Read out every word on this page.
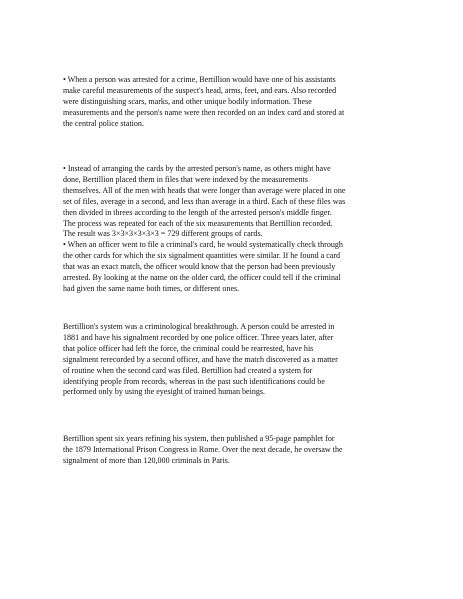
• When a person was arrested for a crime, Bertillion would have one of his assistants
make careful measurements of the suspect's head, arms, feet, and ears. Also recorded
were distinguishing scars, marks, and other unique bodily information. These
measurements and the person's name were then recorded on an index card and stored at
the central police station.
• Instead of arranging the cards by the arrested person's name, as others might have
done, Bertillion placed them in files that were indexed by the measurements
themselves. All of the men with heads that were longer than average were placed in one
set of files, average in a second, and less than average in a third. Each of these files was
then divided in threes according to the length of the arrested person's middle finger.
The process was repeated for each of the six measurements that Bertillion recorded.
The result was 3×3×3×3×3×3 = 729 different groups of cards.
• When an officer went to file a criminal's card, he would systematically check through
the other cards for which the six signalment quantities were similar. If he found a card
that was an exact match, the officer would know that the person had been previously
arrested. By looking at the name on the older card, the officer could tell if the criminal
had given the same name both times, or different ones.
Bertillion's system was a criminological breakthrough. A person could be arrested in
1881 and have his signalment recorded by one police officer. Three years later, after
that police officer had left the force, the criminal could be rearrested, have his
signalment rerecorded by a second officer, and have the match discovered as a matter
of routine when the second card was filed. Bertillion had created a system for
identifying people from records, whereas in the past such identifications could be
performed only by using the eyesight of trained human beings.
Bertillion spent six years refining his system, then published a 95-page pamphlet for
the 1879 International Prison Congress in Rome. Over the next decade, he oversaw the
signalment of more than 120,000 criminals in Paris.
